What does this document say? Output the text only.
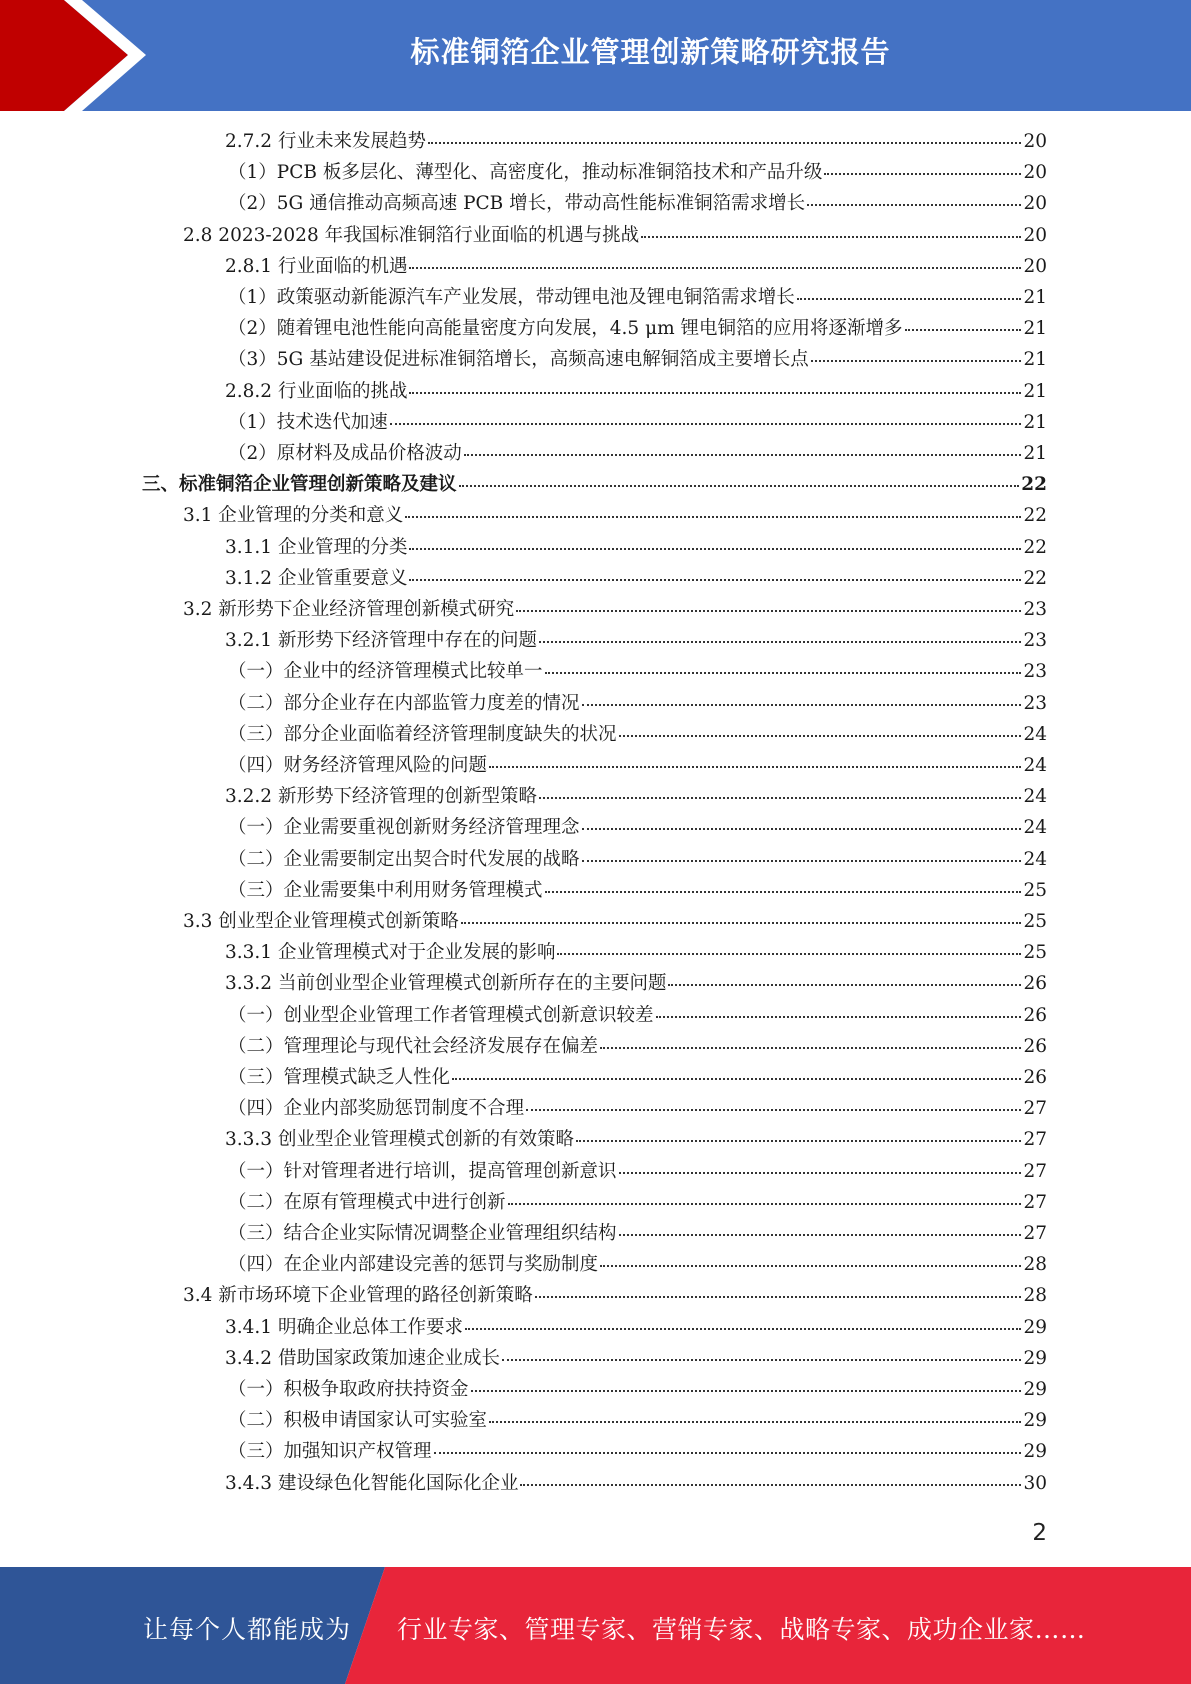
标准铜箔企业管理创新策略研究报告
2.7.2 行业未来发展趋势	20
（1）PCB 板多层化、薄型化、高密度化，推动标准铜箔技术和产品升级	20
（2）5G 通信推动高频高速 PCB 增长，带动高性能标准铜箔需求增长	20
2.8 2023-2028 年我国标准铜箔行业面临的机遇与挑战	20
2.8.1 行业面临的机遇	20
（1）政策驱动新能源汽车产业发展，带动锂电池及锂电铜箔需求增长	21
（2）随着锂电池性能向高能量密度方向发展，4.5 μm 锂电铜箔的应用将逐渐增多	21
（3）5G 基站建设促进标准铜箔增长，高频高速电解铜箔成主要增长点	21
2.8.2 行业面临的挑战	21
（1）技术迭代加速	21
（2）原材料及成品价格波动	21
三、标准铜箔企业管理创新策略及建议	22
3.1 企业管理的分类和意义	22
3.1.1 企业管理的分类	22
3.1.2 企业管重要意义	22
3.2 新形势下企业经济管理创新模式研究	23
3.2.1 新形势下经济管理中存在的问题	23
（一）企业中的经济管理模式比较单一	23
（二）部分企业存在内部监管力度差的情况	23
（三）部分企业面临着经济管理制度缺失的状况	24
（四）财务经济管理风险的问题	24
3.2.2 新形势下经济管理的创新型策略	24
（一）企业需要重视创新财务经济管理理念	24
（二）企业需要制定出契合时代发展的战略	24
（三）企业需要集中利用财务管理模式	25
3.3 创业型企业管理模式创新策略	25
3.3.1 企业管理模式对于企业发展的影响	25
3.3.2 当前创业型企业管理模式创新所存在的主要问题	26
（一）创业型企业管理工作者管理模式创新意识较差	26
（二）管理理论与现代社会经济发展存在偏差	26
（三）管理模式缺乏人性化	26
（四）企业内部奖励惩罚制度不合理	27
3.3.3 创业型企业管理模式创新的有效策略	27
（一）针对管理者进行培训，提高管理创新意识	27
（二）在原有管理模式中进行创新	27
（三）结合企业实际情况调整企业管理组织结构	27
（四）在企业内部建设完善的惩罚与奖励制度	28
3.4 新市场环境下企业管理的路径创新策略	28
3.4.1 明确企业总体工作要求	29
3.4.2 借助国家政策加速企业成长	29
（一）积极争取政府扶持资金	29
（二）积极申请国家认可实验室	29
（三）加强知识产权管理	29
3.4.3 建设绿色化智能化国际化企业	30
2
让每个人都能成为 行业专家、管理专家、营销专家、战略专家、成功企业家……
